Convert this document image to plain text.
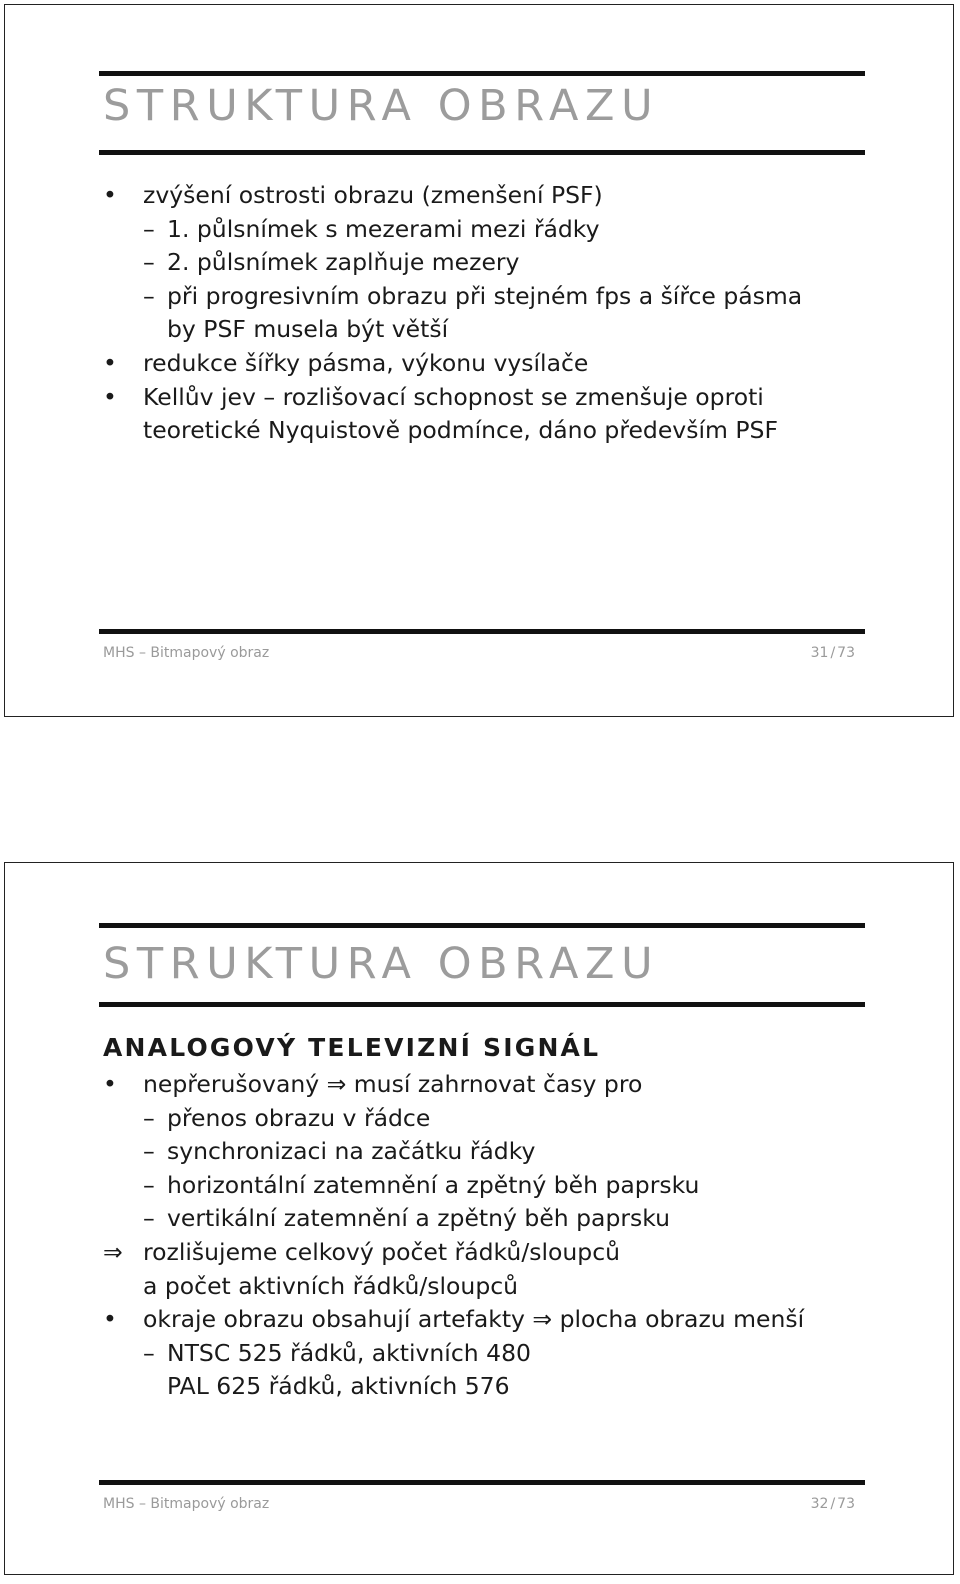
STRUKTURA OBRAZU
•	zvýšení ostrosti obrazu (zmenšení PSF)
– 1. půlsnímek s mezerami mezi řádky
– 2. půlsnímek zaplňuje mezery
– při progresivním obrazu při stejném fps a šířce pásma
by PSF musela být větší
•	redukce šířky pásma, výkonu vysílače
•	Kellův jev – rozlišovací schopnost se zmenšuje oproti
teoretické Nyquistově podmínce, dáno především PSF
MHS – Bitmapový obraz	31 / 73
STRUKTURA OBRAZU
ANALOGOVÝ TELEVIZNÍ SIGNÁL
•	nepřerušovaný ⇒ musí zahrnovat časy pro
– přenos obrazu v řádce
– synchronizaci na začátku řádky
– horizontální zatemnění a zpětný běh paprsku
– vertikální zatemnění a zpětný běh paprsku
⇒ rozlišujeme celkový počet řádků/sloupců
a počet aktivních řádků/sloupců
•	okraje obrazu obsahují artefakty ⇒ plocha obrazu menší
– NTSC 525 řádků, aktivních 480
PAL 625 řádků, aktivních 576
MHS – Bitmapový obraz	32 / 73
